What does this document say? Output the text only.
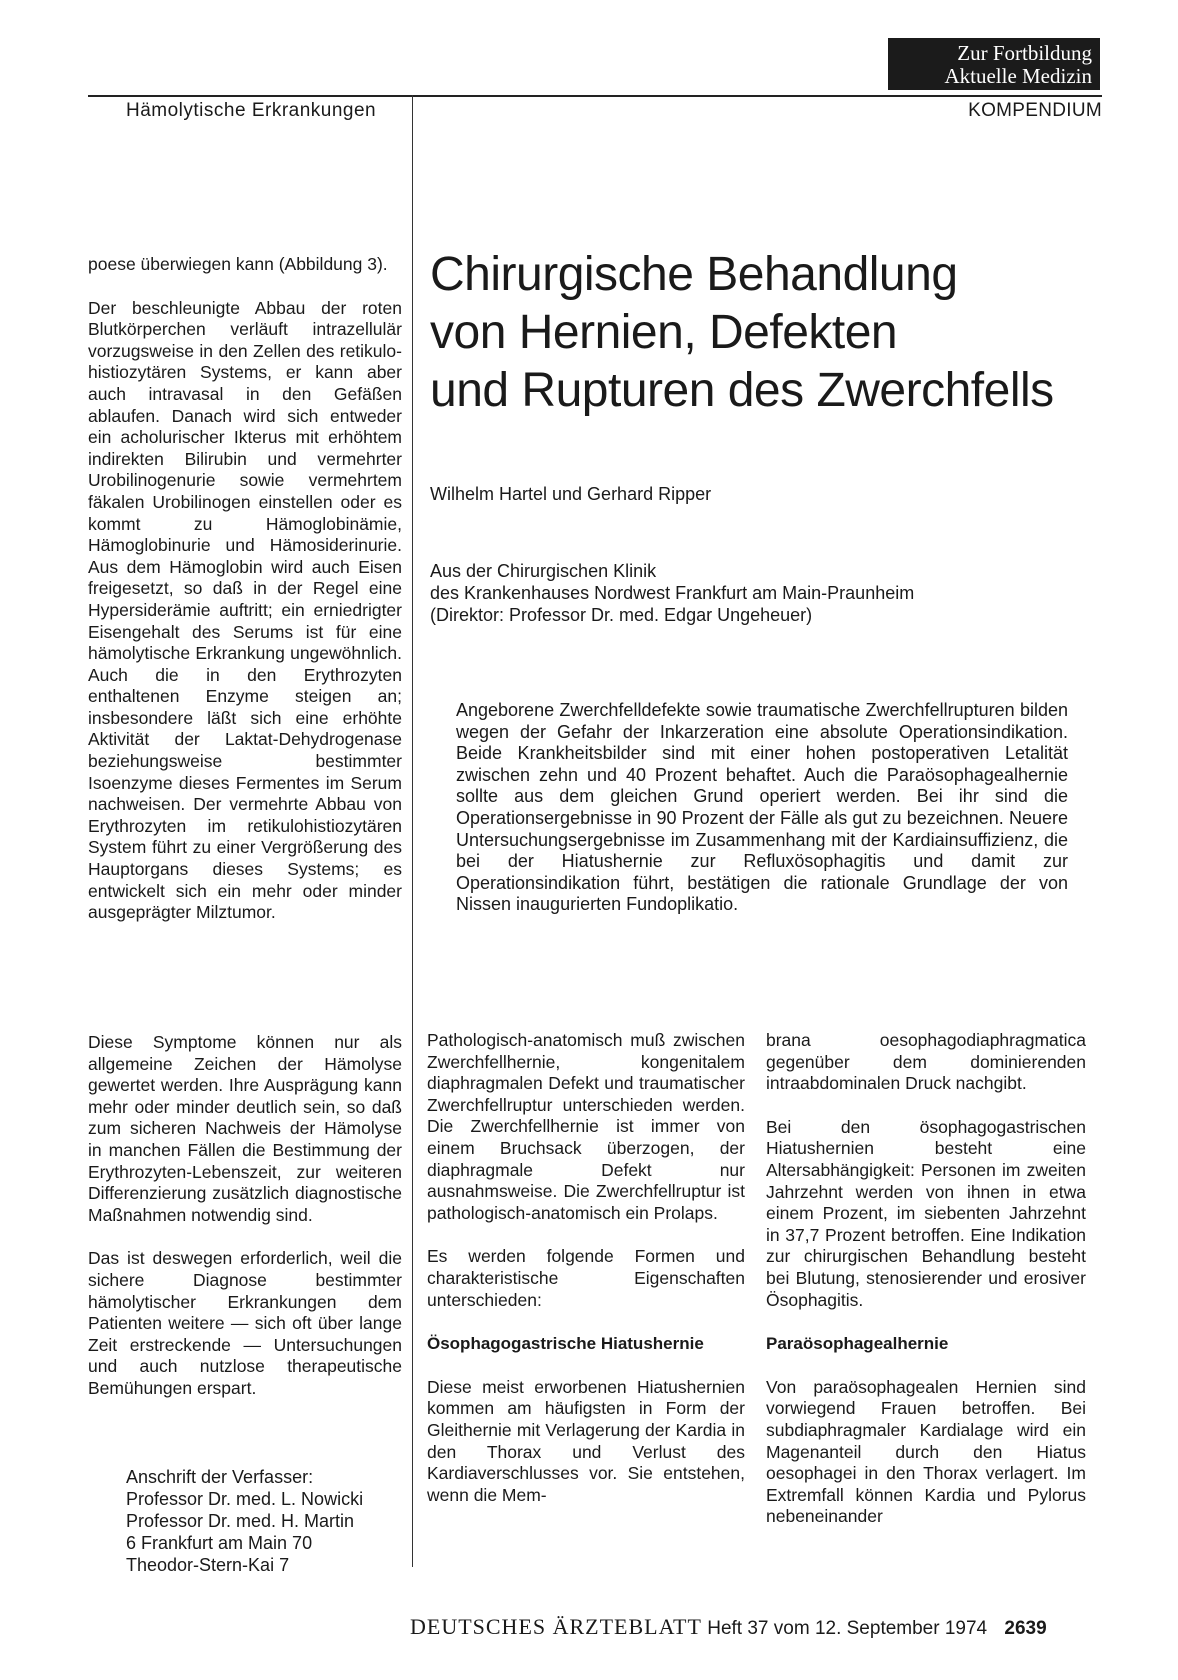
Zur Fortbildung
Aktuelle Medizin
Hämolytische Erkrankungen	KOMPENDIUM

poese überwiegen kann (Abbildung 3).

Der beschleunigte Abbau der roten Blutkörperchen verläuft intrazellulär vorzugsweise in den Zellen des retikulo-histiozytären Systems, er kann aber auch intravasal in den Gefäßen ablaufen. Danach wird sich entweder ein acholurischer Ikterus mit erhöhtem indirekten Bilirubin und vermehrter Urobilinogenurie sowie vermehrtem fäkalen Urobilinogen einstellen oder es kommt zu Hämoglobinämie, Hämoglobinurie und Hämosiderinurie. Aus dem Hämoglobin wird auch Eisen freigesetzt, so daß in der Regel eine Hypersiderämie auftritt; ein erniedrigter Eisengehalt des Serums ist für eine hämolytische Erkrankung ungewöhnlich. Auch die in den Erythrozyten enthaltenen Enzyme steigen an; insbesondere läßt sich eine erhöhte Aktivität der Laktat-Dehydrogenase beziehungsweise bestimmter Isoenzyme dieses Fermentes im Serum nachweisen. Der vermehrte Abbau von Erythrozyten im retikulohistiozytären System führt zu einer Vergrößerung des Hauptorgans dieses Systems; es entwickelt sich ein mehr oder minder ausgeprägter Milztumor.

Chirurgische Behandlung
von Hernien, Defekten
und Rupturen des Zwerchfells
Wilhelm Hartel und Gerhard Ripper
Aus der Chirurgischen Klinik
des Krankenhauses Nordwest Frankfurt am Main-Praunheim
(Direktor: Professor Dr. med. Edgar Ungeheuer)
Angeborene Zwerchfelldefekte sowie traumatische Zwerchfellrupturen bilden wegen der Gefahr der Inkarzeration eine absolute Operationsindikation. Beide Krankheitsbilder sind mit einer hohen postoperativen Letalität zwischen zehn und 40 Prozent behaftet. Auch die Paraösophagealhernie sollte aus dem gleichen Grund operiert werden. Bei ihr sind die Operationsergebnisse in 90 Prozent der Fälle als gut zu bezeichnen. Neuere Untersuchungsergebnisse im Zusammenhang mit der Kardiainsuffizienz, die bei der Hiatushernie zur Refluxösophagitis und damit zur Operationsindikation führt, bestätigen die rationale Grundlage der von Nissen inaugurierten Fundoplikatio.

Diese Symptome können nur als allgemeine Zeichen der Hämolyse gewertet werden. Ihre Ausprägung kann mehr oder minder deutlich sein, so daß zum sicheren Nachweis der Hämolyse in manchen Fällen die Bestimmung der Erythrozyten-Lebenszeit, zur weiteren Differenzierung zusätzlich diagnostische Maßnahmen notwendig sind.

Das ist deswegen erforderlich, weil die sichere Diagnose bestimmter hämolytischer Erkrankungen dem Patienten weitere — sich oft über lange Zeit erstreckende — Untersuchungen und auch nutzlose therapeutische Bemühungen erspart.

Anschrift der Verfasser:
Professor Dr. med. L. Nowicki
Professor Dr. med. H. Martin
6 Frankfurt am Main 70
Theodor-Stern-Kai 7

Pathologisch-anatomisch muß zwischen Zwerchfellhernie, kongenitalem diaphragmalen Defekt und traumatischer Zwerchfellruptur unterschieden werden. Die Zwerchfellhernie ist immer von einem Bruchsack überzogen, der diaphragmale Defekt nur ausnahmsweise. Die Zwerchfellruptur ist pathologisch-anatomisch ein Prolaps.

Es werden folgende Formen und charakteristische Eigenschaften unterschieden:

Ösophagogastrische Hiatushernie

Diese meist erworbenen Hiatushernien kommen am häufigsten in Form der Gleithernie mit Verlagerung der Kardia in den Thorax und Verlust des Kardiaverschlusses vor. Sie entstehen, wenn die Mem-

brana oesophagodiaphragmatica gegenüber dem dominierenden intraabdominalen Druck nachgibt.

Bei den ösophagogastrischen Hiatushernien besteht eine Altersabhängigkeit: Personen im zweiten Jahrzehnt werden von ihnen in etwa einem Prozent, im siebenten Jahrzehnt in 37,7 Prozent betroffen. Eine Indikation zur chirurgischen Behandlung besteht bei Blutung, stenosierender und erosiver Ösophagitis.

Paraösophagealhernie

Von paraösophagealen Hernien sind vorwiegend Frauen betroffen. Bei subdiaphragmaler Kardialage wird ein Magenanteil durch den Hiatus oesophagei in den Thorax verlagert. Im Extremfall können Kardia und Pylorus nebeneinander

DEUTSCHES ÄRZTEBLATT Heft 37 vom 12. September 1974 2639
